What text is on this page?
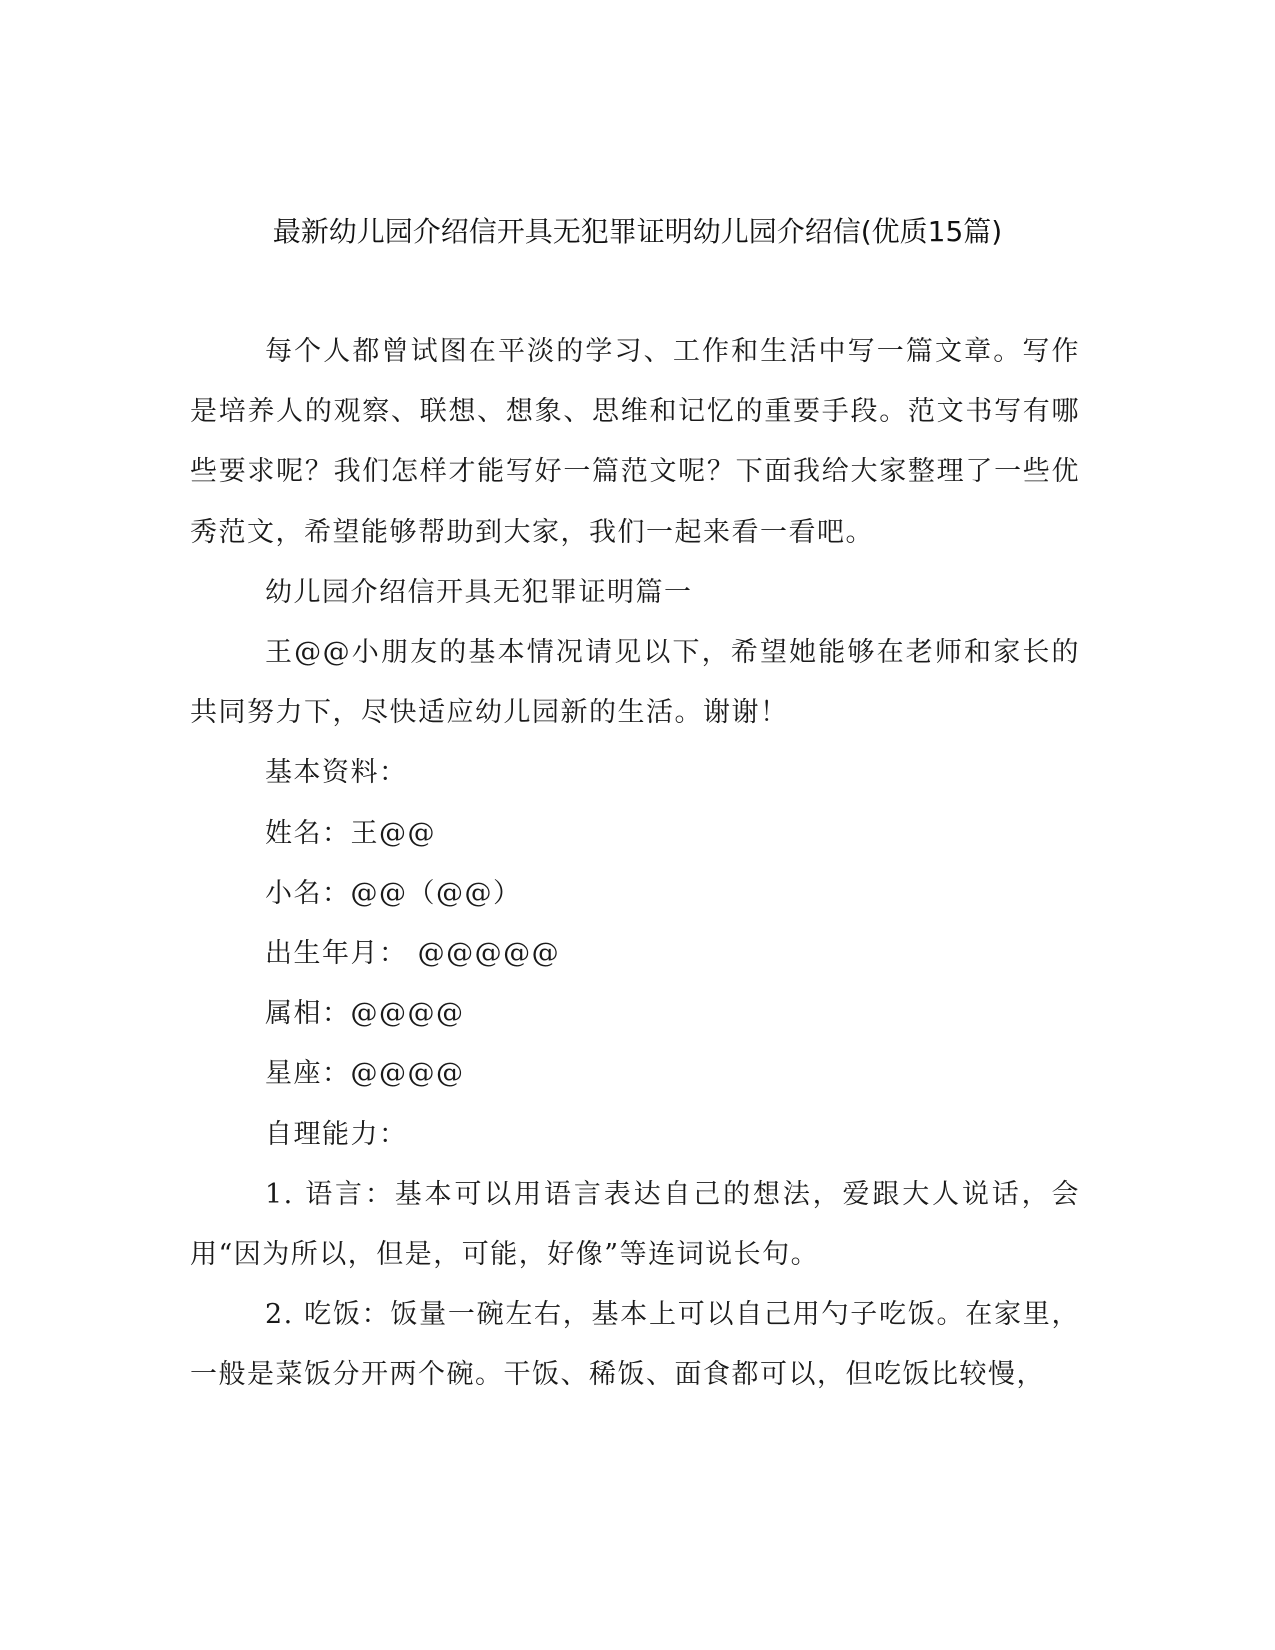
最新幼儿园介绍信开具无犯罪证明幼儿园介绍信(优质15篇)

每个人都曾试图在平淡的学习、工作和生活中写一篇文章。写作是培养人的观察、联想、想象、思维和记忆的重要手段。范文书写有哪些要求呢？我们怎样才能写好一篇范文呢？下面我给大家整理了一些优秀范文，希望能够帮助到大家，我们一起来看一看吧。

幼儿园介绍信开具无犯罪证明篇一

王@@小朋友的基本情况请见以下，希望她能够在老师和家长的共同努力下，尽快适应幼儿园新的生活。谢谢！

基本资料：

姓名：王@@

小名：@@（@@）

出生年月： @@@@@

属相：@@@@

星座：@@@@

自理能力：

1. 语言：基本可以用语言表达自己的想法，爱跟大人说话，会用“因为所以，但是，可能，好像”等连词说长句。

2. 吃饭：饭量一碗左右，基本上可以自己用勺子吃饭。在家里，一般是菜饭分开两个碗。干饭、稀饭、面食都可以，但吃饭比较慢，
